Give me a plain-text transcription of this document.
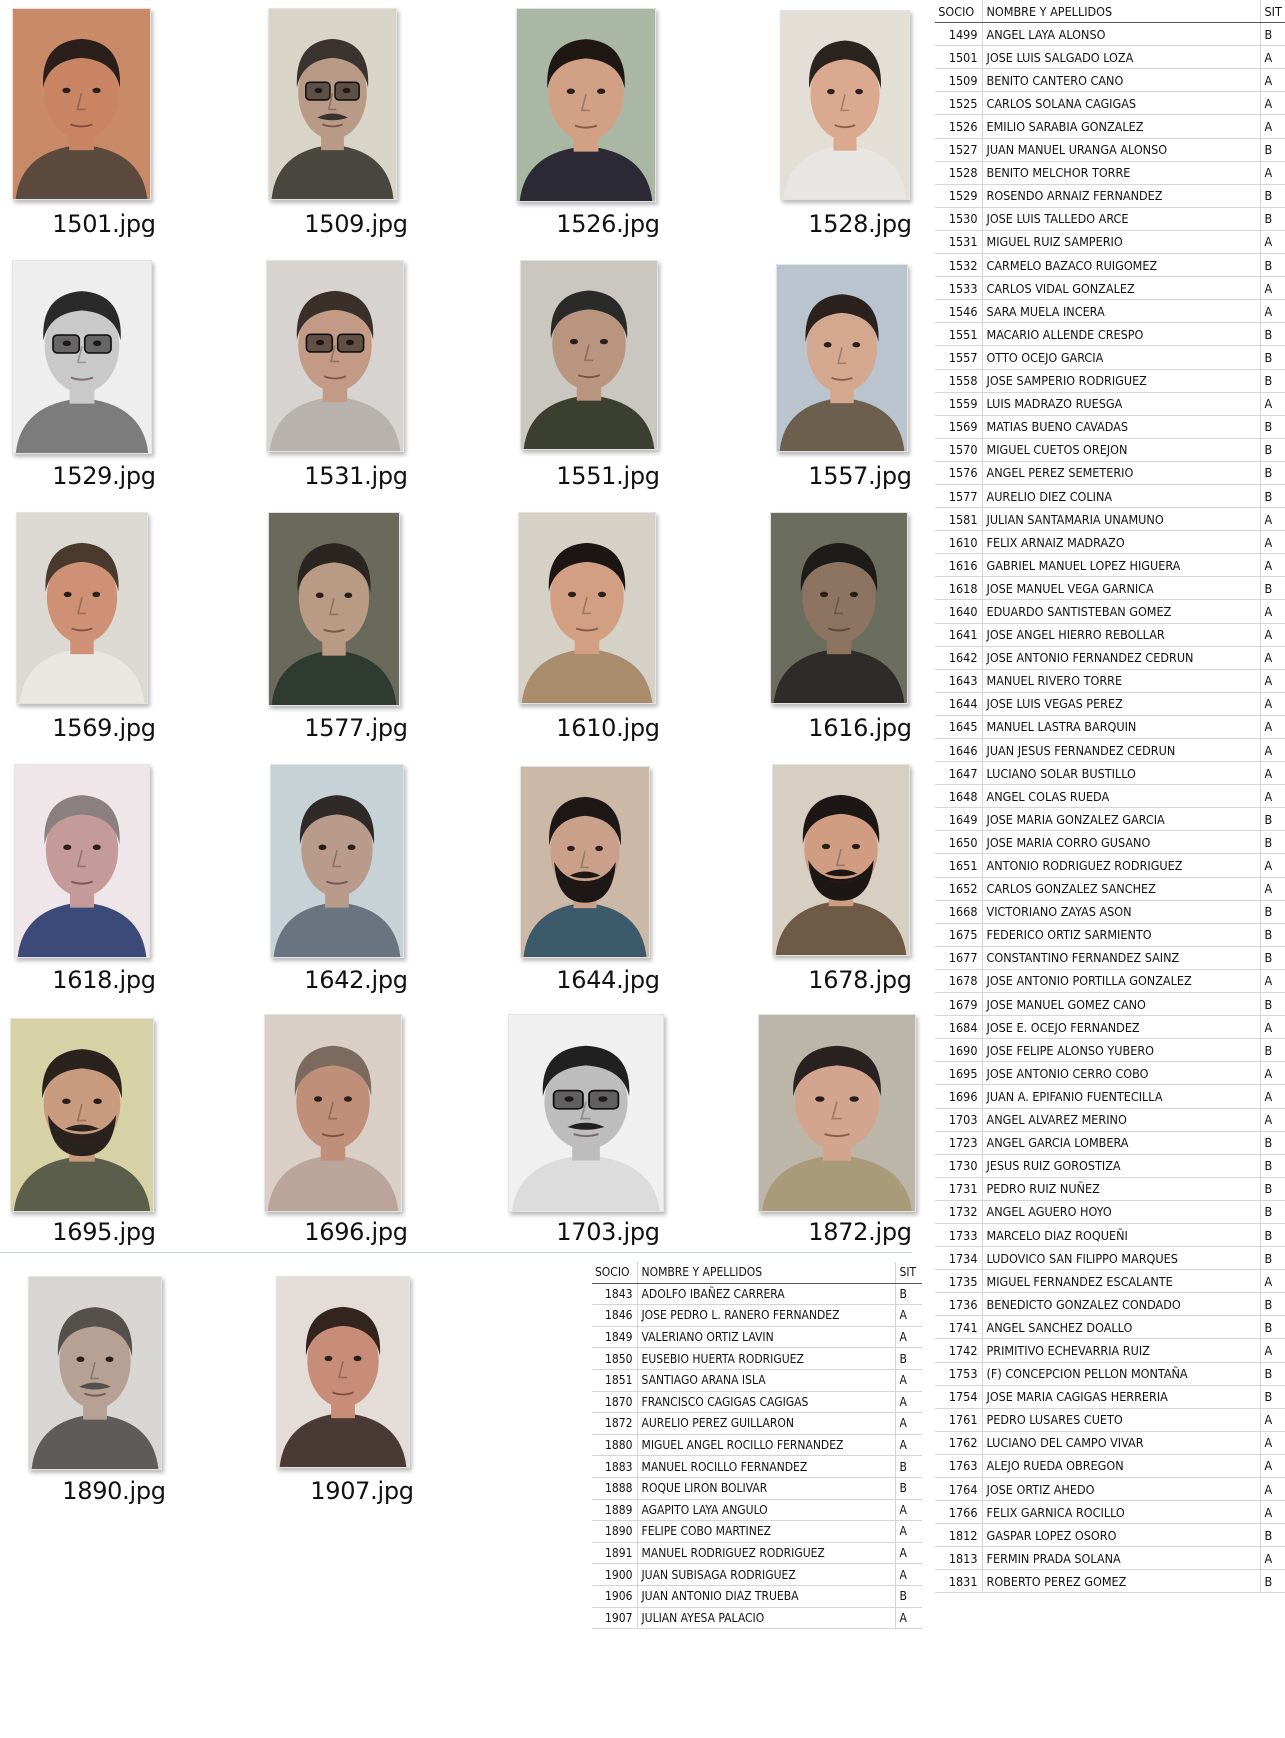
1501.jpg	1509.jpg	1526.jpg	1528.jpg
1529.jpg	1531.jpg	1551.jpg	1557.jpg
1569.jpg	1577.jpg	1610.jpg	1616.jpg
1618.jpg	1642.jpg	1644.jpg	1678.jpg
1695.jpg	1696.jpg	1703.jpg	1872.jpg
1890.jpg	1907.jpg
SOCIO	NOMBRE Y APELLIDOS	SIT
1499	ANGEL LAYA ALONSO	B
1501	JOSE LUIS SALGADO LOZA	A
1509	BENITO CANTERO CANO	A
1525	CARLOS SOLANA CAGIGAS	A
1526	EMILIO SARABIA GONZALEZ	A
1527	JUAN MANUEL URANGA ALONSO	B
1528	BENITO MELCHOR TORRE	A
1529	ROSENDO ARNAIZ FERNANDEZ	B
1530	JOSE LUIS TALLEDO ARCE	B
1531	MIGUEL RUIZ SAMPERIO	A
1532	CARMELO BAZACO RUIGOMEZ	B
1533	CARLOS VIDAL GONZALEZ	A
1546	SARA MUELA INCERA	A
1551	MACARIO ALLENDE CRESPO	B
1557	OTTO OCEJO GARCIA	B
1558	JOSE SAMPERIO RODRIGUEZ	B
1559	LUIS MADRAZO RUESGA	A
1569	MATIAS BUENO CAVADAS	B
1570	MIGUEL CUETOS OREJON	B
1576	ANGEL PEREZ SEMETERIO	B
1577	AURELIO DIEZ COLINA	B
1581	JULIAN SANTAMARIA UNAMUNO	A
1610	FELIX ARNAIZ MADRAZO	A
1616	GABRIEL MANUEL LOPEZ HIGUERA	A
1618	JOSE MANUEL VEGA GARNICA	B
1640	EDUARDO SANTISTEBAN GOMEZ	A
1641	JOSE ANGEL HIERRO REBOLLAR	A
1642	JOSE ANTONIO FERNANDEZ CEDRUN	A
1643	MANUEL RIVERO TORRE	A
1644	JOSE LUIS VEGAS PEREZ	A
1645	MANUEL LASTRA BARQUIN	A
1646	JUAN JESUS FERNANDEZ CEDRUN	A
1647	LUCIANO SOLAR BUSTILLO	A
1648	ANGEL COLAS RUEDA	A
1649	JOSE MARIA GONZALEZ GARCIA	B
1650	JOSE MARIA CORRO GUSANO	B
1651	ANTONIO RODRIGUEZ RODRIGUEZ	A
1652	CARLOS GONZALEZ SANCHEZ	A
1668	VICTORIANO ZAYAS ASON	B
1675	FEDERICO ORTIZ SARMIENTO	B
1677	CONSTANTINO FERNANDEZ SAINZ	B
1678	JOSE ANTONIO PORTILLA GONZALEZ	A
1679	JOSE MANUEL GOMEZ CANO	B
1684	JOSE E. OCEJO FERNANDEZ	A
1690	JOSE FELIPE ALONSO YUBERO	B
1695	JOSE ANTONIO CERRO COBO	A
1696	JUAN A. EPIFANIO FUENTECILLA	A
1703	ANGEL ALVAREZ MERINO	A
1723	ANGEL GARCIA LOMBERA	B
1730	JESUS RUIZ GOROSTIZA	B
1731	PEDRO RUIZ NUÑEZ	B
1732	ANGEL AGUERO HOYO	B
1733	MARCELO DIAZ ROQUEÑI	B
1734	LUDOVICO SAN FILIPPO MARQUES	B
1735	MIGUEL FERNANDEZ ESCALANTE	A
1736	BENEDICTO GONZALEZ CONDADO	B
1741	ANGEL SANCHEZ DOALLO	B
1742	PRIMITIVO ECHEVARRIA RUIZ	A
1753	(F) CONCEPCION PELLON MONTAÑA	B
1754	JOSE MARIA CAGIGAS HERRERIA	B
1761	PEDRO LUSARES CUETO	A
1762	LUCIANO DEL CAMPO VIVAR	A
1763	ALEJO RUEDA OBREGON	A
1764	JOSE ORTIZ AHEDO	A
1766	FELIX GARNICA ROCILLO	A
1812	GASPAR LOPEZ OSORO	B
1813	FERMIN PRADA SOLANA	A
1831	ROBERTO PEREZ GOMEZ	B
SOCIO	NOMBRE Y APELLIDOS	SIT
1843	ADOLFO IBAÑEZ CARRERA	B
1846	JOSE PEDRO L. RANERO FERNANDEZ	A
1849	VALERIANO ORTIZ LAVIN	A
1850	EUSEBIO HUERTA RODRIGUEZ	B
1851	SANTIAGO ARANA ISLA	A
1870	FRANCISCO CAGIGAS CAGIGAS	A
1872	AURELIO PEREZ GUILLARON	A
1880	MIGUEL ANGEL ROCILLO FERNANDEZ	A
1883	MANUEL ROCILLO FERNANDEZ	B
1888	ROQUE LIRON BOLIVAR	B
1889	AGAPITO LAYA ANGULO	A
1890	FELIPE COBO MARTINEZ	A
1891	MANUEL RODRIGUEZ RODRIGUEZ	A
1900	JUAN SUBISAGA RODRIGUEZ	A
1906	JUAN ANTONIO DIAZ TRUEBA	B
1907	JULIAN AYESA PALACIO	A
